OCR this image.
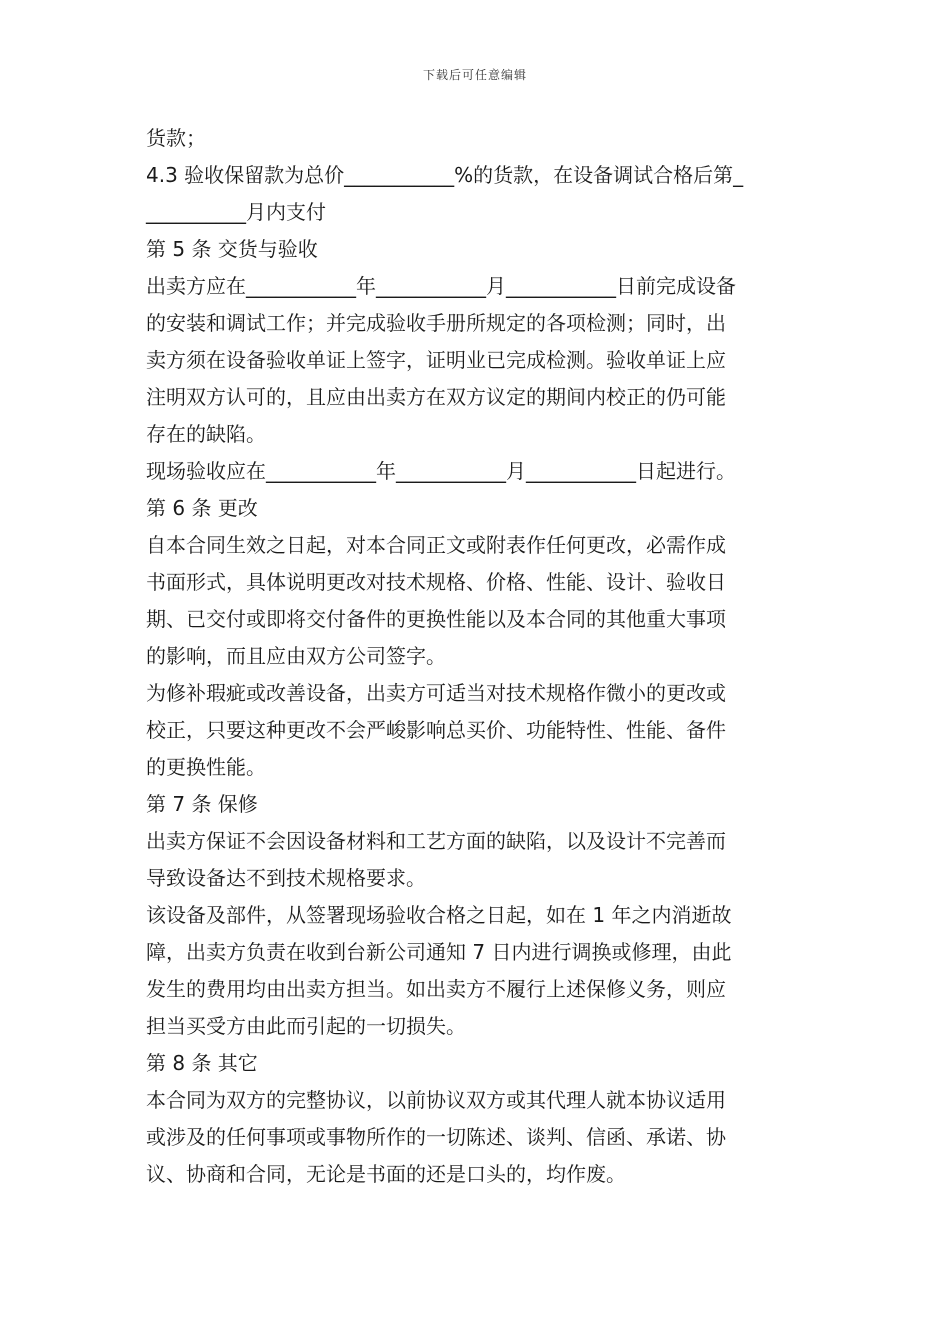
下载后可任意编辑
货款；
4.3 验收保留款为总价___________%的货款，在设备调试合格后第_
__________月内支付
第 5 条 交货与验收
出卖方应在___________年___________月___________日前完成设备
的安装和调试工作；并完成验收手册所规定的各项检测；同时，出
卖方须在设备验收单证上签字，证明业已完成检测。验收单证上应
注明双方认可的，且应由出卖方在双方议定的期间内校正的仍可能
存在的缺陷。
现场验收应在___________年___________月___________日起进行。
第 6 条 更改
自本合同生效之日起，对本合同正文或附表作任何更改，必需作成
书面形式，具体说明更改对技术规格、价格、性能、设计、验收日
期、已交付或即将交付备件的更换性能以及本合同的其他重大事项
的影响，而且应由双方公司签字。
为修补瑕疵或改善设备，出卖方可适当对技术规格作微小的更改或
校正，只要这种更改不会严峻影响总买价、功能特性、性能、备件
的更换性能。
第 7 条 保修
出卖方保证不会因设备材料和工艺方面的缺陷，以及设计不完善而
导致设备达不到技术规格要求。
该设备及部件，从签署现场验收合格之日起，如在 1 年之内消逝故
障，出卖方负责在收到台新公司通知 7 日内进行调换或修理，由此
发生的费用均由出卖方担当。如出卖方不履行上述保修义务，则应
担当买受方由此而引起的一切损失。
第 8 条 其它
本合同为双方的完整协议，以前协议双方或其代理人就本协议适用
或涉及的任何事项或事物所作的一切陈述、谈判、信函、承诺、协
议、协商和合同，无论是书面的还是口头的，均作废。
